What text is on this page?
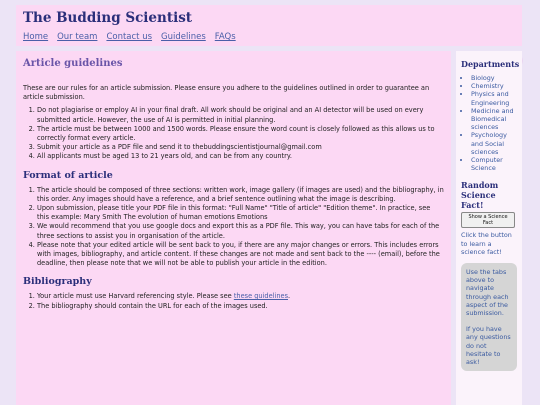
The Budding Scientist
Home Our team Contact us Guidelines FAQs
Article guidelines

These are our rules for an article submission. Please ensure you adhere to the guidelines outlined in order to guarantee an article submission.

1. Do not plagiarise or employ AI in your final draft. All work should be original and an AI detector will be used on every submitted article. However, the use of AI is permitted in initial planning.
2. The article must be between 1000 and 1500 words. Please ensure the word count is closely followed as this allows us to correctly format every article.
3. Submit your article as a PDF file and send it to thebuddingscientistjournal@gmail.com
4. All applicants must be aged 13 to 21 years old, and can be from any country.
Format of article
1. The article should be composed of three sections: written work, image gallery (if images are used) and the bibliography, in this order. Any images should have a reference, and a brief sentence outlining what the image is describing.
2. Upon submission, please title your PDF file in this format: "Full Name" "Title of article" "Edition theme". In practice, see this example: Mary Smith The evolution of human emotions Emotions
3. We would recommend that you use google docs and export this as a PDF file. This way, you can have tabs for each of the three sections to assist you in organisation of the article.
4. Please note that your edited article will be sent back to you, if there are any major changes or errors. This includes errors with images, bibliography, and article content. If these changes are not made and sent back to the ---- (email), before the deadline, then please note that we will not be able to publish your article in the edition.
Bibliography
1. Your article must use Harvard referencing style. Please see these guidelines.
2. The bibliography should contain the URL for each of the images used.
Departments
• Biology
• Chemistry
• Physics and Engineering
• Medicine and Biomedical sciences
• Psychology and Social sciences
• Computer Science
Random Science Fact!
Show a Science Fact
Click the button to learn a science fact!

Use the tabs above to navigate through each aspect of the submission.

If you have any questions do not hesitate to ask!
